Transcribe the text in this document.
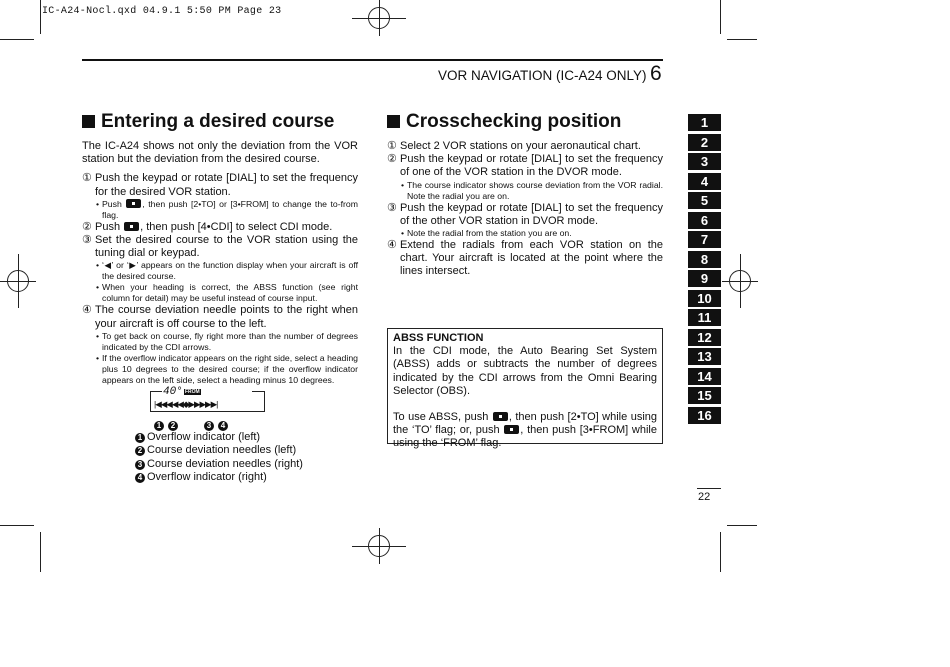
IC-A24-Nocl.qxd 04.9.1 5:50 PM Page 23
VOR NAVIGATION (IC-A24 ONLY) 6
Entering a desired course

The IC-A24 shows not only the deviation from the VOR station but the deviation from the desired course.

① Push the keypad or rotate [DIAL] to set the frequency for the desired VOR station.

• Push , then push [2•TO] or [3•FROM] to change the to-from flag.

② Push , then push [4•CDI] to select CDI mode.

③ Set the desired course to the VOR station using the tuning dial or keypad.

• ‘◀’ or ‘▶’ appears on the function display when your aircraft is off the desired course.

• When your heading is correct, the ABSS function (see right column for detail) may be useful instead of course input.

④ The course deviation needle points to the right when your aircraft is off course to the left.

• To get back on course, fly right more than the number of degrees indicated by the CDI arrows.

• If the overflow indicator appears on the right side, select a heading plus 10 degrees to the desired course; if the overflow indicator appears on the left side, select a heading minus 10 degrees.

40° FROM
|◀◀◀◀◀◆▶▶▶▶▶|
1	2	3	4
1 Overflow indicator (left)
2 Course deviation needles (left)
3 Course deviation needles (right)
4 Overflow indicator (right)
Crosschecking position

① Select 2 VOR stations on your aeronautical chart.

② Push the keypad or rotate [DIAL] to set the frequency of one of the VOR station in the DVOR mode.

• The course indicator shows course deviation from the VOR radial. Note the radial you are on.

③ Push the keypad or rotate [DIAL] to set the frequency of the other VOR station in DVOR mode.

• Note the radial from the station you are on.

④ Extend the radials from each VOR station on the chart. Your aircraft is located at the point where the lines intersect.

ABSS FUNCTION
In the CDI mode, the Auto Bearing Set System (ABSS) adds or subtracts the number of degrees indicated by the CDI arrows from the Omni Bearing Selector (OBS).
To use ABSS, push , then push [2•TO] while using the ‘TO’ flag; or, push , then push [3•FROM] while using the ‘FROM’ flag.
1
2
3
4
5
6
7
8
9
10
11
12
13
14
15
16
22
